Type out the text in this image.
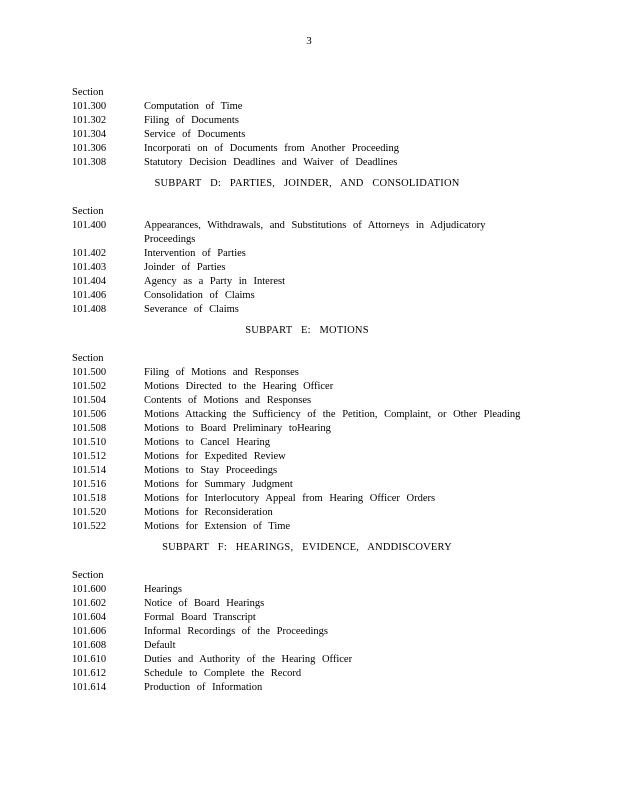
3
Section
101.300	Computation of Time
101.302	Filing of Documents
101.304	Service of Documents
101.306	Incorporati on of Documents from Another Proceeding
101.308	Statutory Decision Deadlines and Waiver of Deadlines
SUBPART D: PARTIES, JOINDER, AND CONSOLIDATION
Section
101.400	Appearances, Withdrawals, and Substitutions of Attorneys in Adjudicatory Proceedings
101.402	Intervention of Parties
101.403	Joinder of Parties
101.404	Agency as a Party in Interest
101.406	Consolidation of Claims
101.408	Severance of Claims
SUBPART E: MOTIONS
Section
101.500	Filing of Motions and Responses
101.502	Motions Directed to the Hearing Officer
101.504	Contents of Motions and Responses
101.506	Motions Attacking the Sufficiency of the Petition, Complaint, or Other Pleading
101.508	Motions to Board Preliminary toHearing
101.510	Motions to Cancel Hearing
101.512	Motions for Expedited Review
101.514	Motions to Stay Proceedings
101.516	Motions for Summary Judgment
101.518	Motions for Interlocutory Appeal from Hearing Officer Orders
101.520	Motions for Reconsideration
101.522	Motions for Extension of Time
SUBPART F: HEARINGS, EVIDENCE, ANDDISCOVERY
Section
101.600	Hearings
101.602	Notice of Board Hearings
101.604	Formal Board Transcript
101.606	Informal Recordings of the Proceedings
101.608	Default
101.610	Duties and Authority of the Hearing Officer
101.612	Schedule to Complete the Record
101.614	Production of Information
